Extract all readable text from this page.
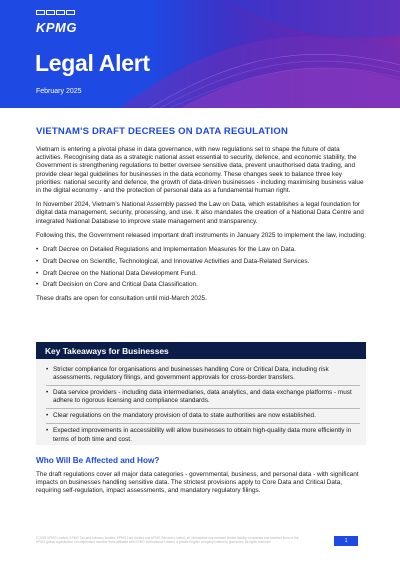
KPMG
Legal Alert
February 2025
VIETNAM'S DRAFT DECREES ON DATA REGULATION

Vietnam is entering a pivotal phase in data governance, with new regulations set to shape the future of data activities. Recognising data as a strategic national asset essential to security, defence, and economic stability, the Government is strengthening regulations to better oversee sensitive data, prevent unauthorised data trading, and provide clear legal guidelines for businesses in the data economy. These changes seek to balance three key priorities: national security and defence, the growth of data-driven businesses - including maximising business value in the digital economy - and the protection of personal data as a fundamental human right.

In November 2024, Vietnam's National Assembly passed the Law on Data, which establishes a legal foundation for digital data management, security, processing, and use. It also mandates the creation of a National Data Centre and integrated National Database to improve state management and transparency.

Following this, the Government released important draft instruments in January 2025 to implement the law, including:

• Draft Decree on Detailed Regulations and Implementation Measures for the Law on Data.
• Draft Decree on Scientific, Technological, and Innovative Activities and Data-Related Services.
• Draft Decree on the National Data Development Fund.
• Draft Decision on Core and Critical Data Classification.

These drafts are open for consultation until mid-March 2025.

Key Takeaways for Businesses
• Stricter compliance for organisations and businesses handling Core or Critical Data, including risk assessments, regulatory filings, and government approvals for cross-border transfers.
• Data service providers - including data intermediaries, data analytics, and data exchange platforms - must adhere to rigorous licensing and compliance standards.
• Clear regulations on the mandatory provision of data to state authorities are now established.
• Expected improvements in accessibility will allow businesses to obtain high-quality data more efficiently in terms of both time and cost.
Who Will Be Affected and How?

The draft regulations cover all major data categories - governmental, business, and personal data - with significant impacts on businesses handling sensitive data. The strictest provisions apply to Core Data and Critical Data, requiring self-regulation, impact assessments, and mandatory regulatory filings.

© 2025 KPMG Limited, KPMG Tax and Advisory Limited, KPMG Law Limited and KPMG Services Limited, all Vietnamese one member limited liability companies and member firms of the KPMG global organisation of independent member firms affiliated with KPMG International Limited, a private English company limited by guarantee. All rights reserved.	1
